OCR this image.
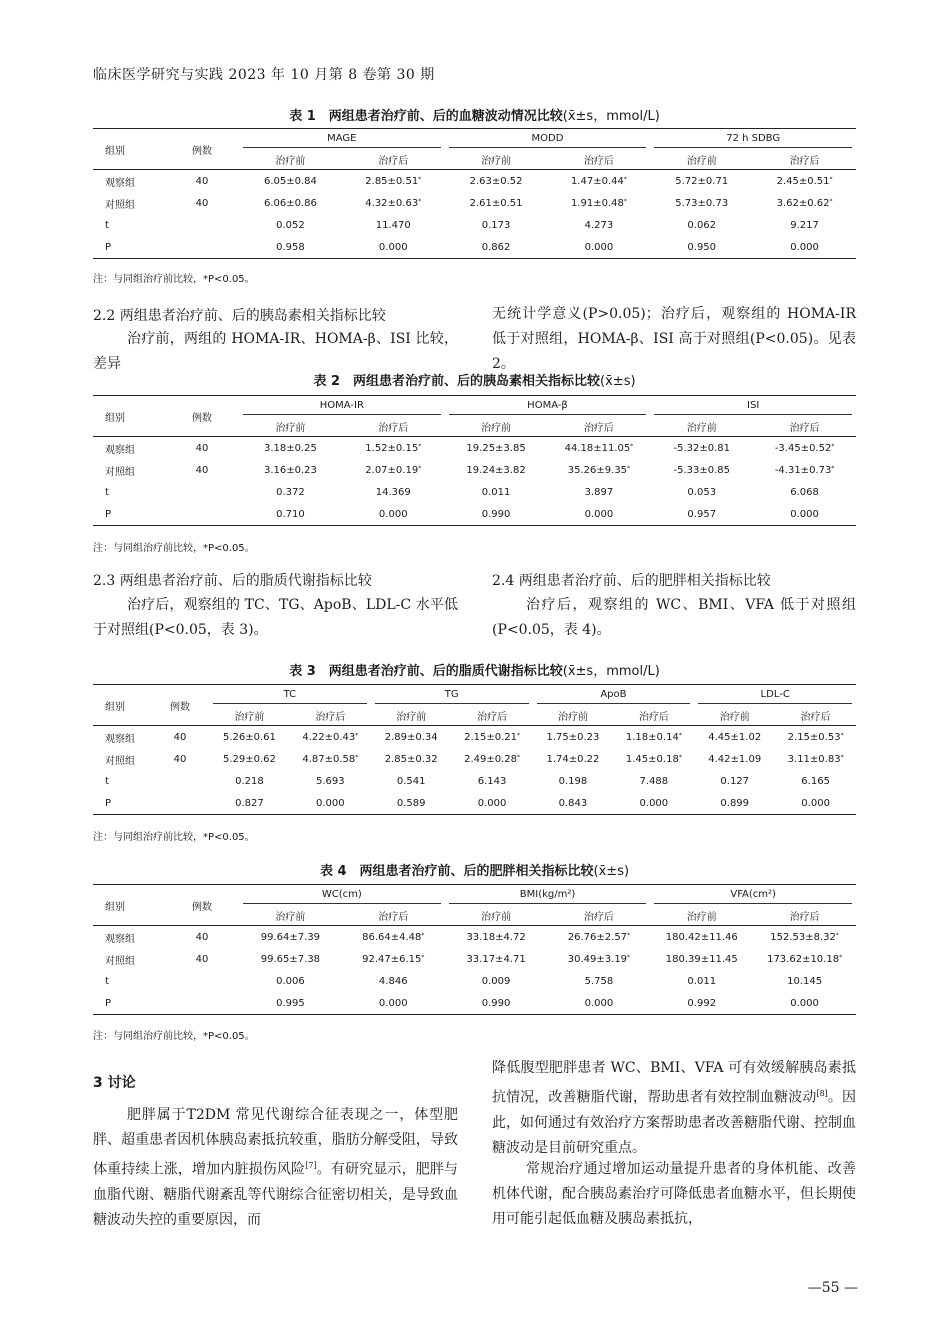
临床医学研究与实践 2023 年 10 月第 8 卷第 30 期
表 1　两组患者治疗前、后的血糖波动情况比较(x̄±s，mmol/L)
组别	例数	MAGE		MODD		72 h SDBG	

		治疗前	治疗后	治疗前	治疗后	治疗前	治疗后
观察组	40	6.05±0.84	2.85±0.51*	2.63±0.52	1.47±0.44*	5.72±0.71	2.45±0.51*
对照组	40	6.06±0.86	4.32±0.63*	2.61±0.51	1.91±0.48*	5.73±0.73	3.62±0.62*
t		0.052	11.470	0.173	4.273	0.062	9.217
P		0.958	0.000	0.862	0.000	0.950	0.000
注：与同组治疗前比较，*P<0.05。
2.2 两组患者治疗前、后的胰岛素相关指标比较
治疗前，两组的 HOMA-IR、HOMA-β、ISI 比较，差异
无统计学意义(P>0.05)；治疗后，观察组的 HOMA-IR 低于对照组，HOMA-β、ISI 高于对照组(P<0.05)。见表 2。
表 2　两组患者治疗前、后的胰岛素相关指标比较(x̄±s)
组别	例数	HOMA-IR		HOMA-β		ISI	

		治疗前	治疗后	治疗前	治疗后	治疗前	治疗后
观察组	40	3.18±0.25	1.52±0.15*	19.25±3.85	44.18±11.05*	-5.32±0.81	-3.45±0.52*
对照组	40	3.16±0.23	2.07±0.19*	19.24±3.82	35.26±9.35*	-5.33±0.85	-4.31±0.73*
t		0.372	14.369	0.011	3.897	0.053	6.068
P		0.710	0.000	0.990	0.000	0.957	0.000
注：与同组治疗前比较，*P<0.05。
2.3 两组患者治疗前、后的脂质代谢指标比较
治疗后，观察组的 TC、TG、ApoB、LDL-C 水平低于对照组(P<0.05，表 3)。
2.4 两组患者治疗前、后的肥胖相关指标比较
治疗后，观察组的 WC、BMI、VFA 低于对照组(P<0.05，表 4)。
表 3　两组患者治疗前、后的脂质代谢指标比较(x̄±s，mmol/L)
组别	例数	TC		TG		ApoB		LDL-C	

		治疗前	治疗后	治疗前	治疗后	治疗前	治疗后	治疗前	治疗后
观察组	40	5.26±0.61	4.22±0.43*	2.89±0.34	2.15±0.21*	1.75±0.23	1.18±0.14*	4.45±1.02	2.15±0.53*
对照组	40	5.29±0.62	4.87±0.58*	2.85±0.32	2.49±0.28*	1.74±0.22	1.45±0.18*	4.42±1.09	3.11±0.83*
t		0.218	5.693	0.541	6.143	0.198	7.488	0.127	6.165
P		0.827	0.000	0.589	0.000	0.843	0.000	0.899	0.000
注：与同组治疗前比较，*P<0.05。
表 4　两组患者治疗前、后的肥胖相关指标比较(x̄±s)
组别	例数	WC(cm)		BMI(kg/m²)		VFA(cm²)	

		治疗前	治疗后	治疗前	治疗后	治疗前	治疗后
观察组	40	99.64±7.39	86.64±4.48*	33.18±4.72	26.76±2.57*	180.42±11.46	152.53±8.32*
对照组	40	99.65±7.38	92.47±6.15*	33.17±4.71	30.49±3.19*	180.39±11.45	173.62±10.18*
t		0.006	4.846	0.009	5.758	0.011	10.145
P		0.995	0.000	0.990	0.000	0.992	0.000
注：与同组治疗前比较，*P<0.05。
3 讨论
肥胖属于T2DM 常见代谢综合征表现之一，体型肥胖、超重患者因机体胰岛素抵抗较重，脂肪分解受阻，导致体重持续上涨，增加内脏损伤风险[7]。有研究显示，肥胖与血脂代谢、糖脂代谢紊乱等代谢综合征密切相关，是导致血糖波动失控的重要原因，而
降低腹型肥胖患者 WC、BMI、VFA 可有效缓解胰岛素抵抗情况，改善糖脂代谢，帮助患者有效控制血糖波动[8]。因此，如何通过有效治疗方案帮助患者改善糖脂代谢、控制血糖波动是目前研究重点。
常规治疗通过增加运动量提升患者的身体机能、改善机体代谢，配合胰岛素治疗可降低患者血糖水平，但长期使用可能引起低血糖及胰岛素抵抗，
—55 —
